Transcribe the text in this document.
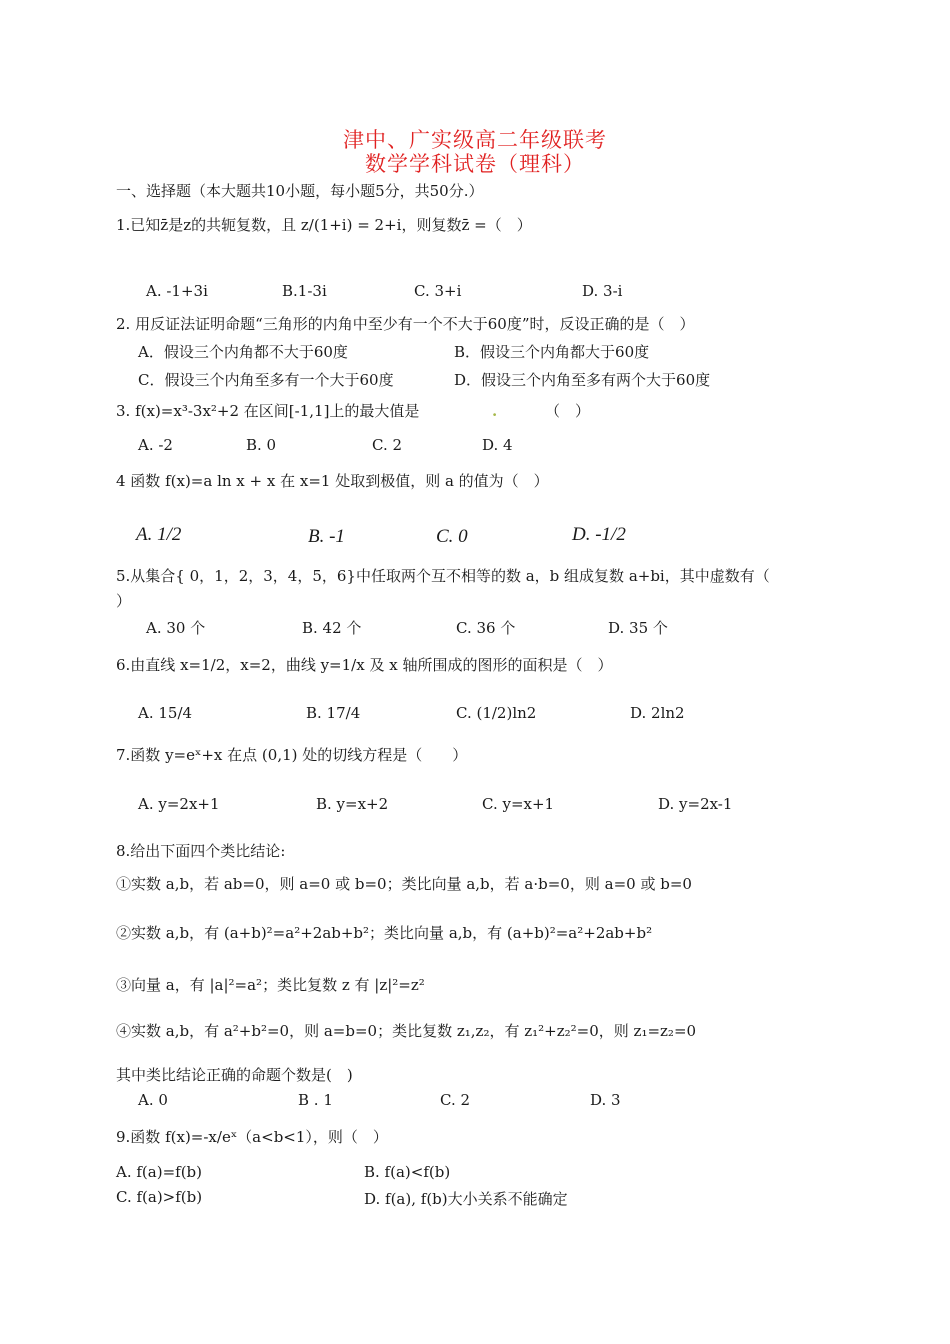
津中、广实级高二年级联考
数学学科试卷（理科）
一、选择题（本大题共10小题，每小题5分，共50分.）
1.已知z̄是z的共轭复数，且 z/(1+i) = 2+i，则复数z̄ =（　）
A. -1+3i	B.1-3i	C. 3+i	D. 3-i
2. 用反证法证明命题“三角形的内角中至少有一个不大于60度”时，反设正确的是（　）
A．假设三个内角都不大于60度	B．假设三个内角都大于60度
C．假设三个内角至多有一个大于60度	D．假设三个内角至多有两个大于60度
3. f(x)=x³-3x²+2 在区间[-1,1]上的最大值是	.	（　）
A. -2	B. 0	C. 2	D. 4
4 函数 f(x)=a ln x + x 在 x=1 处取到极值，则 a 的值为（　）
A. 1/2	B. -1	C. 0	D. -1/2
5.从集合{ 0，1，2，3，4，5，6}中任取两个互不相等的数 a，b 组成复数 a+bi，其中虚数有（
）
A. 30 个	B. 42 个	C. 36 个	D. 35 个
6.由直线 x=1/2，x=2，曲线 y=1/x 及 x 轴所围成的图形的面积是（　）
A. 15/4	B. 17/4	C. (1/2)ln2	D. 2ln2
7.函数 y=eˣ+x 在点 (0,1) 处的切线方程是（　　）
A. y=2x+1	B. y=x+2	C. y=x+1	D. y=2x-1
8.给出下面四个类比结论:
①实数 a,b，若 ab=0，则 a=0 或 b=0；类比向量 a,b，若 a·b=0，则 a=0 或 b=0
②实数 a,b，有 (a+b)²=a²+2ab+b²；类比向量 a,b，有 (a+b)²=a²+2ab+b²
③向量 a，有 |a|²=a²；类比复数 z 有 |z|²=z²
④实数 a,b，有 a²+b²=0，则 a=b=0；类比复数 z₁,z₂，有 z₁²+z₂²=0，则 z₁=z₂=0
其中类比结论正确的命题个数是(　)
A. 0	B . 1	C. 2	D. 3
9.函数 f(x)=-x/eˣ（a<b<1），则（　）
A. f(a)=f(b)	B. f(a)<f(b)
C. f(a)>f(b)	D. f(a), f(b)大小关系不能确定
